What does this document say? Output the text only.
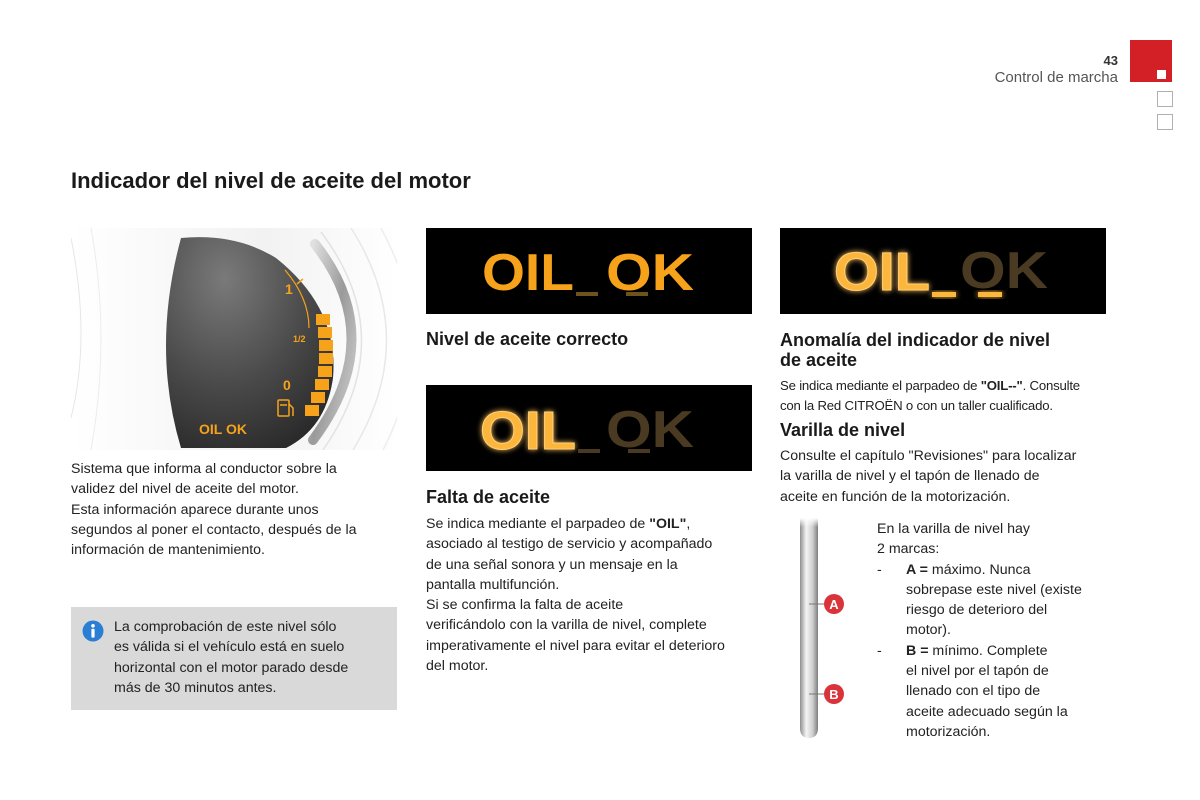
43
Control de marcha
Indicador del nivel de aceite del motor
1
1/2
0
OIL OK
Sistema que informa al conductor sobre la
validez del nivel de aceite del motor.
Esta información aparece durante unos
segundos al poner el contacto, después de la
información de mantenimiento.
La comprobación de este nivel sólo
es válida si el vehículo está en suelo
horizontal con el motor parado desde
más de 30 minutos antes.
OIL OK
Nivel de aceite correcto
OIL OK
Falta de aceite
Se indica mediante el parpadeo de "OIL",
asociado al testigo de servicio y acompañado
de una señal sonora y un mensaje en la
pantalla multifunción.
Si se confirma la falta de aceite
verificándolo con la varilla de nivel, complete
imperativamente el nivel para evitar el deterioro
del motor.
OIL OK
Anomalía del indicador de nivel
de aceite
Se indica mediante el parpadeo de "OIL--". Consulte
con la Red CITROËN o con un taller cualificado.
Varilla de nivel
Consulte el capítulo "Revisiones" para localizar
la varilla de nivel y el tapón de llenado de
aceite en función de la motorización.
A
B
En la varilla de nivel hay
2 marcas:
- A = máximo. Nunca
sobrepase este nivel (existe
riesgo de deterioro del
motor).
- B = mínimo. Complete
el nivel por el tapón de
llenado con el tipo de
aceite adecuado según la
motorización.
